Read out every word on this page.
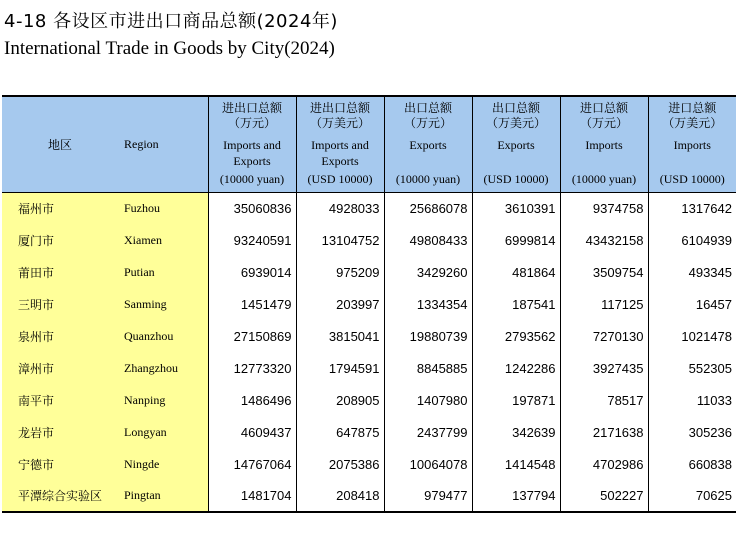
4-18 各设区市进出口商品总额(2024年)
International Trade in Goods by City(2024)
地区	Region	进出口总额
（万元）
Imports and
Exports
(10000 yuan)	进出口总额
（万美元）
Imports and
Exports
(USD 10000)	出口总额
（万元）
Exports
(10000 yuan)	出口总额
（万美元）
Exports
(USD 10000)	进口总额
（万元）
Imports
(10000 yuan)	进口总额
（万美元）
Imports
(USD 10000)

福州市	Fuzhou	35060836	4928033	25686078	3610391	9374758	1317642
厦门市	Xiamen	93240591	13104752	49808433	6999814	43432158	6104939
莆田市	Putian	6939014	975209	3429260	481864	3509754	493345
三明市	Sanming	1451479	203997	1334354	187541	117125	16457
泉州市	Quanzhou	27150869	3815041	19880739	2793562	7270130	1021478
漳州市	Zhangzhou	12773320	1794591	8845885	1242286	3927435	552305
南平市	Nanping	1486496	208905	1407980	197871	78517	11033
龙岩市	Longyan	4609437	647875	2437799	342639	2171638	305236
宁德市	Ningde	14767064	2075386	10064078	1414548	4702986	660838
平潭综合实验区	Pingtan	1481704	208418	979477	137794	502227	70625
